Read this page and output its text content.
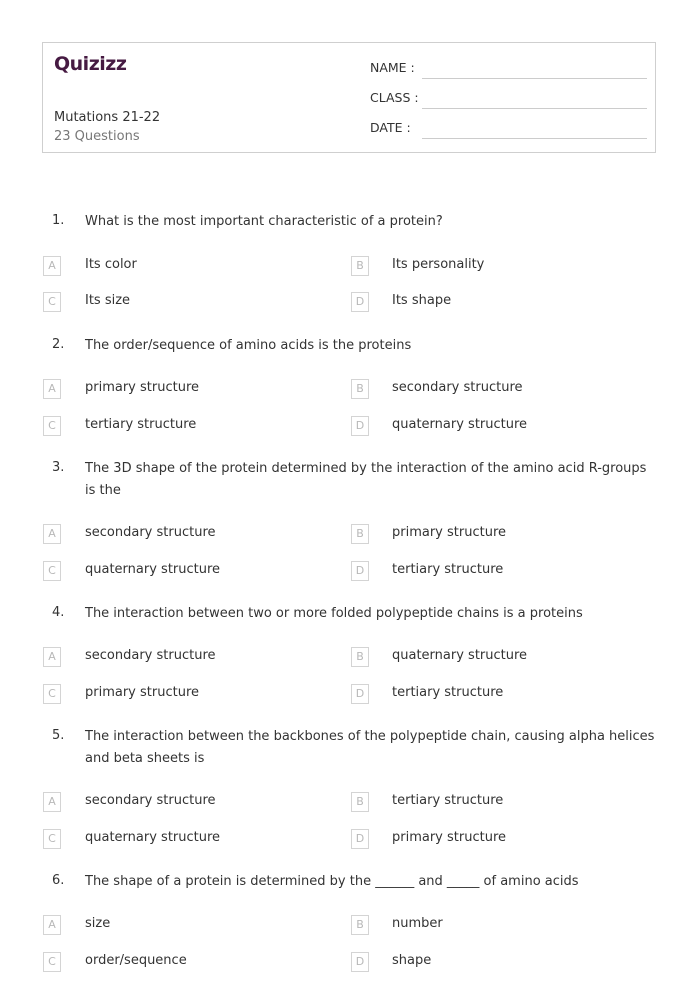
Quizizz
Mutations 21-22
23 Questions
NAME :
CLASS :
DATE :
1. What is the most important characteristic of a protein?
A	Its color	B	Its personality
C	Its size	D	Its shape
2. The order/sequence of amino acids is the proteins
A	primary structure	B	secondary structure
C	tertiary structure	D	quaternary structure
3. The 3D shape of the protein determined by the interaction of the amino acid R-groups is the
A	secondary structure	B	primary structure
C	quaternary structure	D	tertiary structure
4. The interaction between two or more folded polypeptide chains is a proteins
A	secondary structure	B	quaternary structure
C	primary structure	D	tertiary structure
5. The interaction between the backbones of the polypeptide chain, causing alpha helices and beta sheets is
A	secondary structure	B	tertiary structure
C	quaternary structure	D	primary structure
6. The shape of a protein is determined by the ______ and _____ of amino acids
A	size	B	number
C	order/sequence	D	shape
